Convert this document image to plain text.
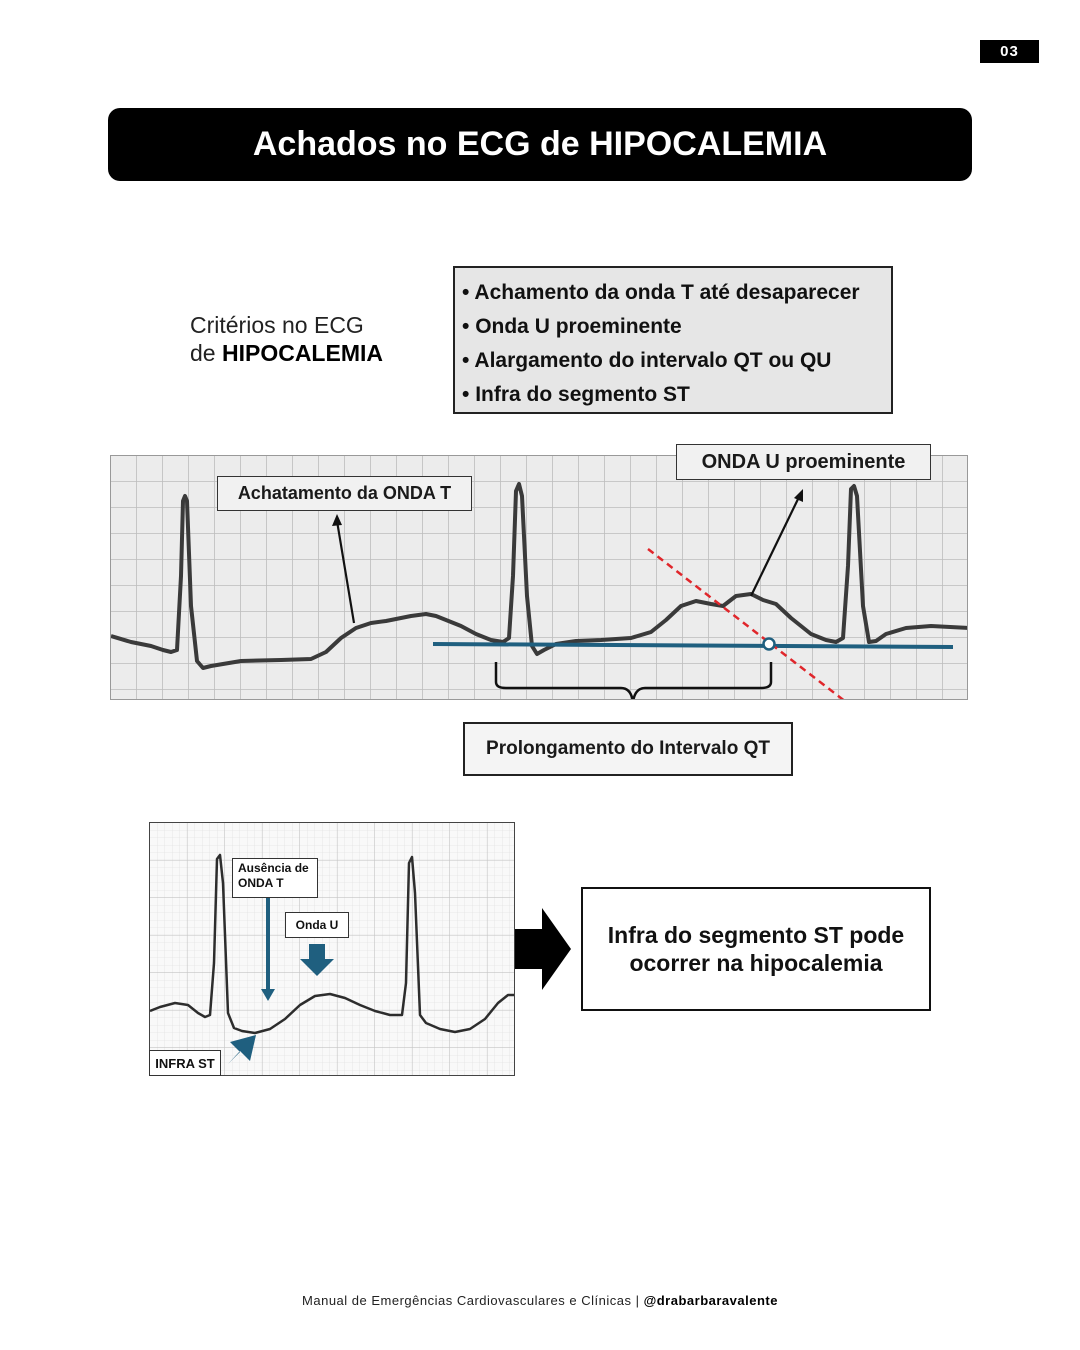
03
Achados no ECG de HIPOCALEMIA
Critérios no ECG
de HIPOCALEMIA
• Achamento da onda T até desaparecer
• Onda U proeminente
• Alargamento do intervalo QT ou QU
• Infra do segmento ST
Achatamento da ONDA T
ONDA U proeminente
Prolongamento do Intervalo QT
Ausência de ONDA T
Onda U
INFRA ST
Infra do segmento ST pode ocorrer na hipocalemia
Manual de Emergências Cardiovasculares e Clínicas | @drabarbaravalente
